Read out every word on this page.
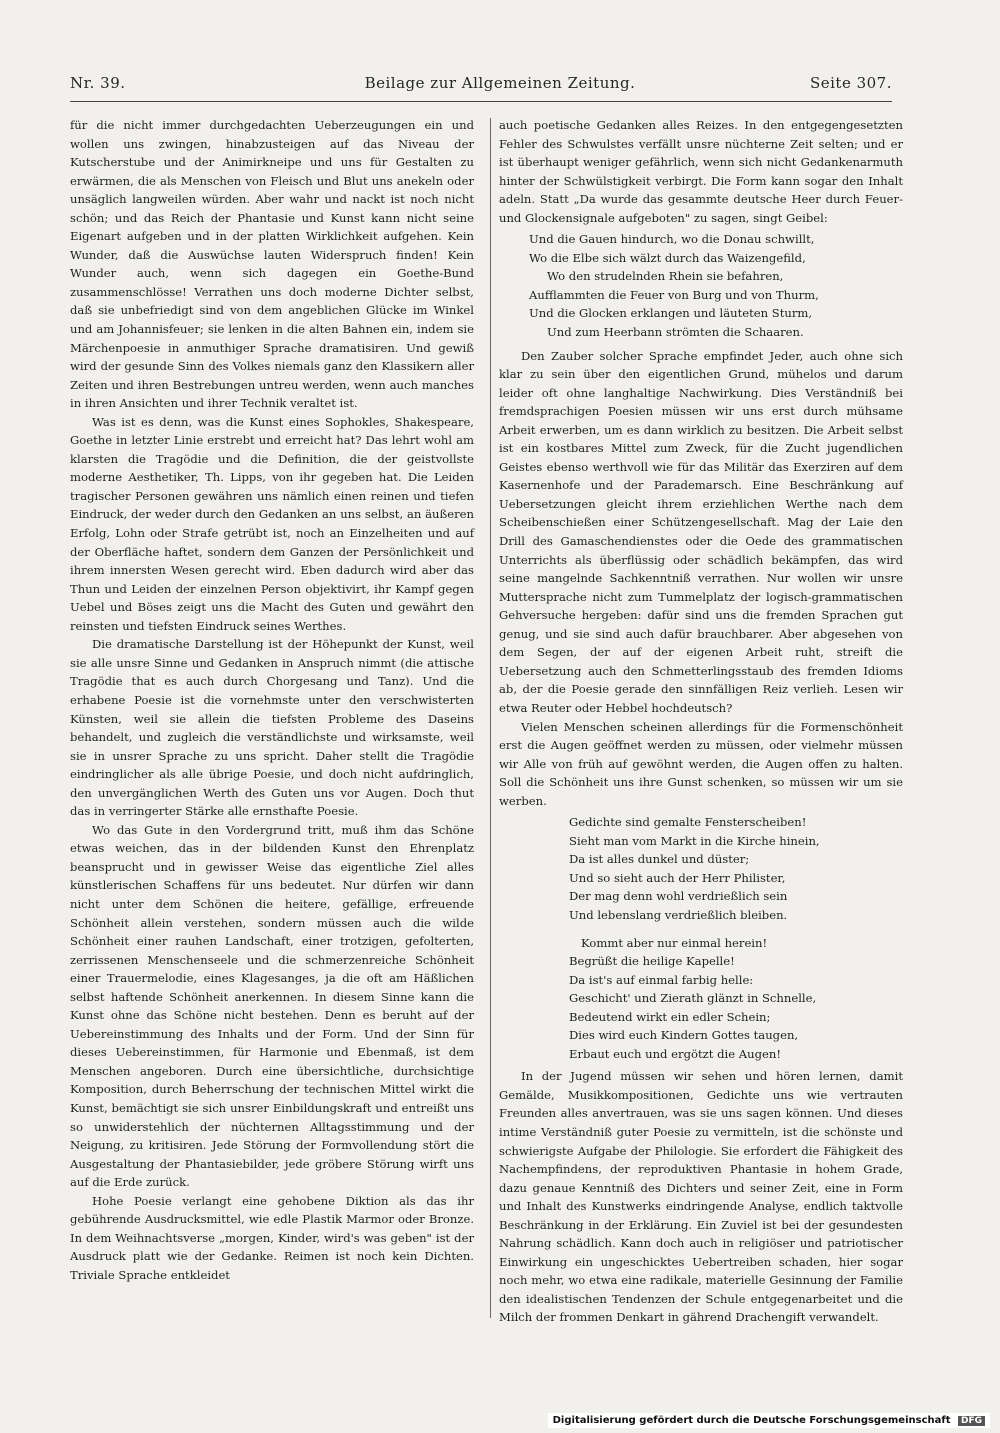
Nr. 39.	Beilage zur Allgemeinen Zeitung.	Seite 307.

für die nicht immer durchgedachten Ueberzeugungen ein und wollen uns zwingen, hinabzusteigen auf das Niveau der Kutscherstube und der Animirkneipe und uns für Gestalten zu erwärmen, die als Menschen von Fleisch und Blut uns anekeln oder unsäglich langweilen würden. Aber wahr und nackt ist noch nicht schön; und das Reich der Phantasie und Kunst kann nicht seine Eigenart aufgeben und in der platten Wirklichkeit aufgehen. Kein Wunder, daß die Auswüchse lauten Widerspruch finden! Kein Wunder auch, wenn sich dagegen ein Goethe-Bund zusammenschlösse! Verrathen uns doch moderne Dichter selbst, daß sie unbefriedigt sind von dem angeblichen Glücke im Winkel und am Johannisfeuer; sie lenken in die alten Bahnen ein, indem sie Märchenpoesie in anmuthiger Sprache dramatisiren. Und gewiß wird der gesunde Sinn des Volkes niemals ganz den Klassikern aller Zeiten und ihren Bestrebungen untreu werden, wenn auch manches in ihren Ansichten und ihrer Technik veraltet ist.

Was ist es denn, was die Kunst eines Sophokles, Shakespeare, Goethe in letzter Linie erstrebt und erreicht hat? Das lehrt wohl am klarsten die Tragödie und die Definition, die der geistvollste moderne Aesthetiker, Th. Lipps, von ihr gegeben hat. Die Leiden tragischer Personen gewähren uns nämlich einen reinen und tiefen Eindruck, der weder durch den Gedanken an uns selbst, an äußeren Erfolg, Lohn oder Strafe getrübt ist, noch an Einzelheiten und auf der Oberfläche haftet, sondern dem Ganzen der Persönlichkeit und ihrem innersten Wesen gerecht wird. Eben dadurch wird aber das Thun und Leiden der einzelnen Person objektivirt, ihr Kampf gegen Uebel und Böses zeigt uns die Macht des Guten und gewährt den reinsten und tiefsten Eindruck seines Werthes.

Die dramatische Darstellung ist der Höhepunkt der Kunst, weil sie alle unsre Sinne und Gedanken in Anspruch nimmt (die attische Tragödie that es auch durch Chorgesang und Tanz). Und die erhabene Poesie ist die vornehmste unter den verschwisterten Künsten, weil sie allein die tiefsten Probleme des Daseins behandelt, und zugleich die verständlichste und wirksamste, weil sie in unsrer Sprache zu uns spricht. Daher stellt die Tragödie eindringlicher als alle übrige Poesie, und doch nicht aufdringlich, den unvergänglichen Werth des Guten uns vor Augen. Doch thut das in verringerter Stärke alle ernsthafte Poesie.

Wo das Gute in den Vordergrund tritt, muß ihm das Schöne etwas weichen, das in der bildenden Kunst den Ehrenplatz beansprucht und in gewisser Weise das eigentliche Ziel alles künstlerischen Schaffens für uns bedeutet. Nur dürfen wir dann nicht unter dem Schönen die heitere, gefällige, erfreuende Schönheit allein verstehen, sondern müssen auch die wilde Schönheit einer rauhen Landschaft, einer trotzigen, gefolterten, zerrissenen Menschenseele und die schmerzenreiche Schönheit einer Trauermelodie, eines Klagesanges, ja die oft am Häßlichen selbst haftende Schönheit anerkennen. In diesem Sinne kann die Kunst ohne das Schöne nicht bestehen. Denn es beruht auf der Uebereinstimmung des Inhalts und der Form. Und der Sinn für dieses Uebereinstimmen, für Harmonie und Ebenmaß, ist dem Menschen angeboren. Durch eine übersichtliche, durchsichtige Komposition, durch Beherrschung der technischen Mittel wirkt die Kunst, bemächtigt sie sich unsrer Einbildungskraft und entreißt uns so unwiderstehlich der nüchternen Alltagsstimmung und der Neigung, zu kritisiren. Jede Störung der Formvollendung stört die Ausgestaltung der Phantasiebilder, jede gröbere Störung wirft uns auf die Erde zurück.

Hohe Poesie verlangt eine gehobene Diktion als das ihr gebührende Ausdrucksmittel, wie edle Plastik Marmor oder Bronze. In dem Weihnachtsverse „morgen, Kinder, wird's was geben" ist der Ausdruck platt wie der Gedanke. Reimen ist noch kein Dichten. Triviale Sprache entkleidet

auch poetische Gedanken alles Reizes. In den entgegengesetzten Fehler des Schwulstes verfällt unsre nüchterne Zeit selten; und er ist überhaupt weniger gefährlich, wenn sich nicht Gedankenarmuth hinter der Schwülstigkeit verbirgt. Die Form kann sogar den Inhalt adeln. Statt „Da wurde das gesammte deutsche Heer durch Feuer- und Glockensignale aufgeboten" zu sagen, singt Geibel:

Und die Gauen hindurch, wo die Donau schwillt,
Wo die Elbe sich wälzt durch das Waizengefild,
Wo den strudelnden Rhein sie befahren,
Aufflammten die Feuer von Burg und von Thurm,
Und die Glocken erklangen und läuteten Sturm,
Und zum Heerbann strömten die Schaaren.

Den Zauber solcher Sprache empfindet Jeder, auch ohne sich klar zu sein über den eigentlichen Grund, mühelos und darum leider oft ohne langhaltige Nachwirkung. Dies Verständniß bei fremdsprachigen Poesien müssen wir uns erst durch mühsame Arbeit erwerben, um es dann wirklich zu besitzen. Die Arbeit selbst ist ein kostbares Mittel zum Zweck, für die Zucht jugendlichen Geistes ebenso werthvoll wie für das Militär das Exerziren auf dem Kasernenhofe und der Parademarsch. Eine Beschränkung auf Uebersetzungen gleicht ihrem erziehlichen Werthe nach dem Scheibenschießen einer Schützengesellschaft. Mag der Laie den Drill des Gamaschendienstes oder die Oede des grammatischen Unterrichts als überflüssig oder schädlich bekämpfen, das wird seine mangelnde Sachkenntniß verrathen. Nur wollen wir unsre Muttersprache nicht zum Tummelplatz der logisch-grammatischen Gehversuche hergeben: dafür sind uns die fremden Sprachen gut genug, und sie sind auch dafür brauchbarer. Aber abgesehen von dem Segen, der auf der eigenen Arbeit ruht, streift die Uebersetzung auch den Schmetterlingsstaub des fremden Idioms ab, der die Poesie gerade den sinnfälligen Reiz verlieh. Lesen wir etwa Reuter oder Hebbel hochdeutsch?

Vielen Menschen scheinen allerdings für die Formenschönheit erst die Augen geöffnet werden zu müssen, oder vielmehr müssen wir Alle von früh auf gewöhnt werden, die Augen offen zu halten. Soll die Schönheit uns ihre Gunst schenken, so müssen wir um sie werben.

Gedichte sind gemalte Fensterscheiben!
Sieht man vom Markt in die Kirche hinein,
Da ist alles dunkel und düster;
Und so sieht auch der Herr Philister,
Der mag denn wohl verdrießlich sein
Und lebenslang verdrießlich bleiben.
Kommt aber nur einmal herein!
Begrüßt die heilige Kapelle!
Da ist's auf einmal farbig helle:
Geschicht' und Zierath glänzt in Schnelle,
Bedeutend wirkt ein edler Schein;
Dies wird euch Kindern Gottes taugen,
Erbaut euch und ergötzt die Augen!

In der Jugend müssen wir sehen und hören lernen, damit Gemälde, Musikkompositionen, Gedichte uns wie vertrauten Freunden alles anvertrauen, was sie uns sagen können. Und dieses intime Verständniß guter Poesie zu vermitteln, ist die schönste und schwierigste Aufgabe der Philologie. Sie erfordert die Fähigkeit des Nachempfindens, der reproduktiven Phantasie in hohem Grade, dazu genaue Kenntniß des Dichters und seiner Zeit, eine in Form und Inhalt des Kunstwerks eindringende Analyse, endlich taktvolle Beschränkung in der Erklärung. Ein Zuviel ist bei der gesundesten Nahrung schädlich. Kann doch auch in religiöser und patriotischer Einwirkung ein ungeschicktes Uebertreiben schaden, hier sogar noch mehr, wo etwa eine radikale, materielle Gesinnung der Familie den idealistischen Tendenzen der Schule entgegenarbeitet und die Milch der frommen Denkart in gährend Drachengift verwandelt.

Digitalisierung gefördert durch die Deutsche Forschungsgemeinschaft DFG
